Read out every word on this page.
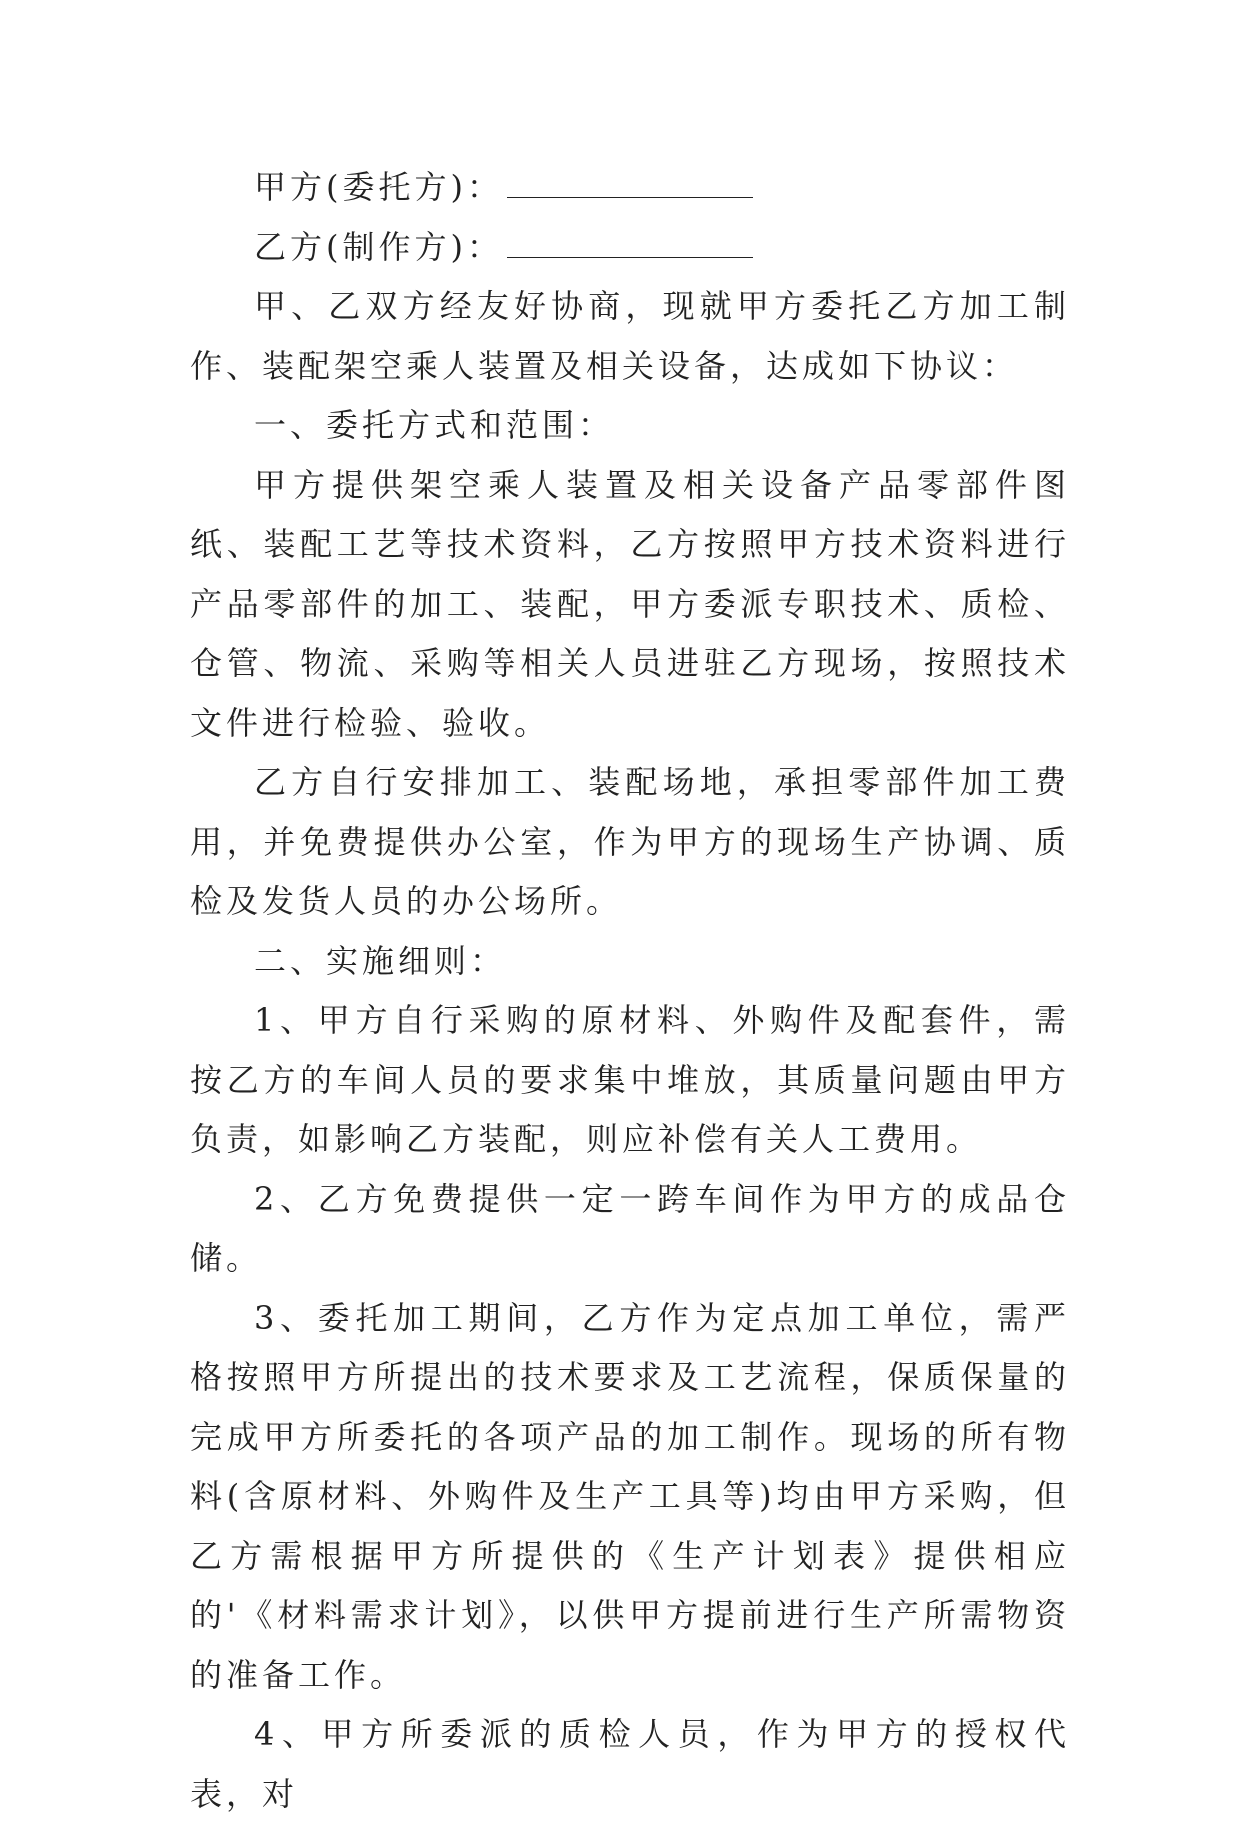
甲方(委托方)：

乙方(制作方)：

甲、乙双方经友好协商，现就甲方委托乙方加工制作、装配架空乘人装置及相关设备，达成如下协议：

一、委托方式和范围：

甲方提供架空乘人装置及相关设备产品零部件图纸、装配工艺等技术资料，乙方按照甲方技术资料进行产品零部件的加工、装配，甲方委派专职技术、质检、仓管、物流、采购等相关人员进驻乙方现场，按照技术文件进行检验、验收。

乙方自行安排加工、装配场地，承担零部件加工费用，并免费提供办公室，作为甲方的现场生产协调、质检及发货人员的办公场所。

二、实施细则：

1、甲方自行采购的原材料、外购件及配套件，需按乙方的车间人员的要求集中堆放，其质量问题由甲方负责，如影响乙方装配，则应补偿有关人工费用。

2、乙方免费提供一定一跨车间作为甲方的成品仓储。

3、委托加工期间，乙方作为定点加工单位，需严格按照甲方所提出的技术要求及工艺流程，保质保量的完成甲方所委托的各项产品的加工制作。现场的所有物料(含原材料、外购件及生产工具等)均由甲方采购，但乙方需根据甲方所提供的《生产计划表》提供相应的'《材料需求计划》，以供甲方提前进行生产所需物资的准备工作。

4、甲方所委派的质检人员，作为甲方的授权代表，对
